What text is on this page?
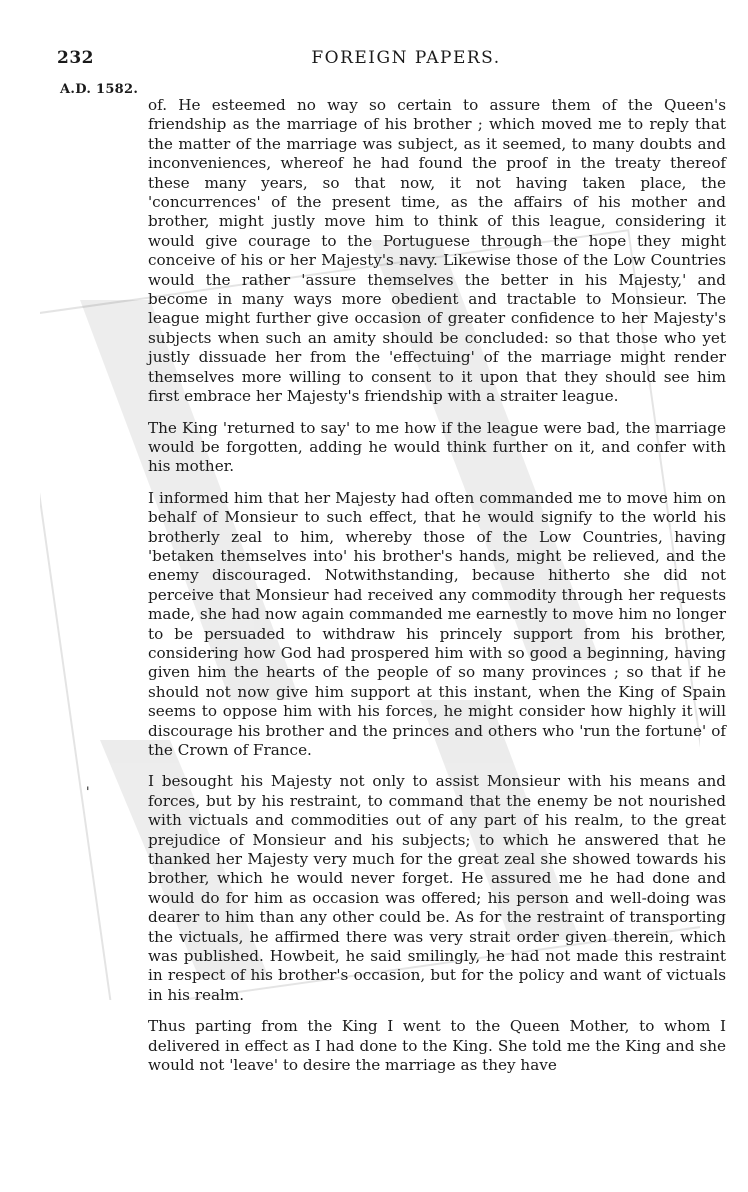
232	FOREIGN PAPERS.
A.D. 1582.
'

of. He esteemed no way so certain to assure them of the Queen's friendship as the marriage of his brother ; which moved me to reply that the matter of the marriage was subject, as it seemed, to many doubts and inconveniences, whereof he had found the proof in the treaty thereof these many years, so that now, it not having taken place, the 'concurrences' of the present time, as the affairs of his mother and brother, might justly move him to think of this league, considering it would give courage to the Portuguese through the hope they might conceive of his or her Majesty's navy. Likewise those of the Low Countries would the rather 'assure themselves the better in his Majesty,' and become in many ways more obedient and tractable to Monsieur. The league might further give occasion of greater confidence to her Majesty's subjects when such an amity should be concluded: so that those who yet justly dissuade her from the 'effectuing' of the marriage might render themselves more willing to consent to it upon that they should see him first embrace her Majesty's friendship with a straiter league.

The King 'returned to say' to me how if the league were bad, the marriage would be forgotten, adding he would think further on it, and confer with his mother.

I informed him that her Majesty had often commanded me to move him on behalf of Monsieur to such effect, that he would signify to the world his brotherly zeal to him, whereby those of the Low Countries, having 'betaken themselves into' his brother's hands, might be relieved, and the enemy discouraged. Notwithstanding, because hitherto she did not perceive that Monsieur had received any commodity through her requests made, she had now again commanded me earnestly to move him no longer to be persuaded to withdraw his princely support from his brother, considering how God had prospered him with so good a beginning, having given him the hearts of the people of so many provinces ; so that if he should not now give him support at this instant, when the King of Spain seems to oppose him with his forces, he might consider how highly it will discourage his brother and the princes and others who 'run the fortune' of the Crown of France.

I besought his Majesty not only to assist Monsieur with his means and forces, but by his restraint, to command that the enemy be not nourished with victuals and commodities out of any part of his realm, to the great prejudice of Monsieur and his subjects; to which he answered that he thanked her Majesty very much for the great zeal she showed towards his brother, which he would never forget. He assured me he had done and would do for him as occasion was offered; his person and well-doing was dearer to him than any other could be. As for the restraint of transporting the victuals, he affirmed there was very strait order given therein, which was published. Howbeit, he said smilingly, he had not made this restraint in respect of his brother's occasion, but for the policy and want of victuals in his realm.

Thus parting from the King I went to the Queen Mother, to whom I delivered in effect as I had done to the King. She told me the King and she would not 'leave' to desire the marriage as they have
